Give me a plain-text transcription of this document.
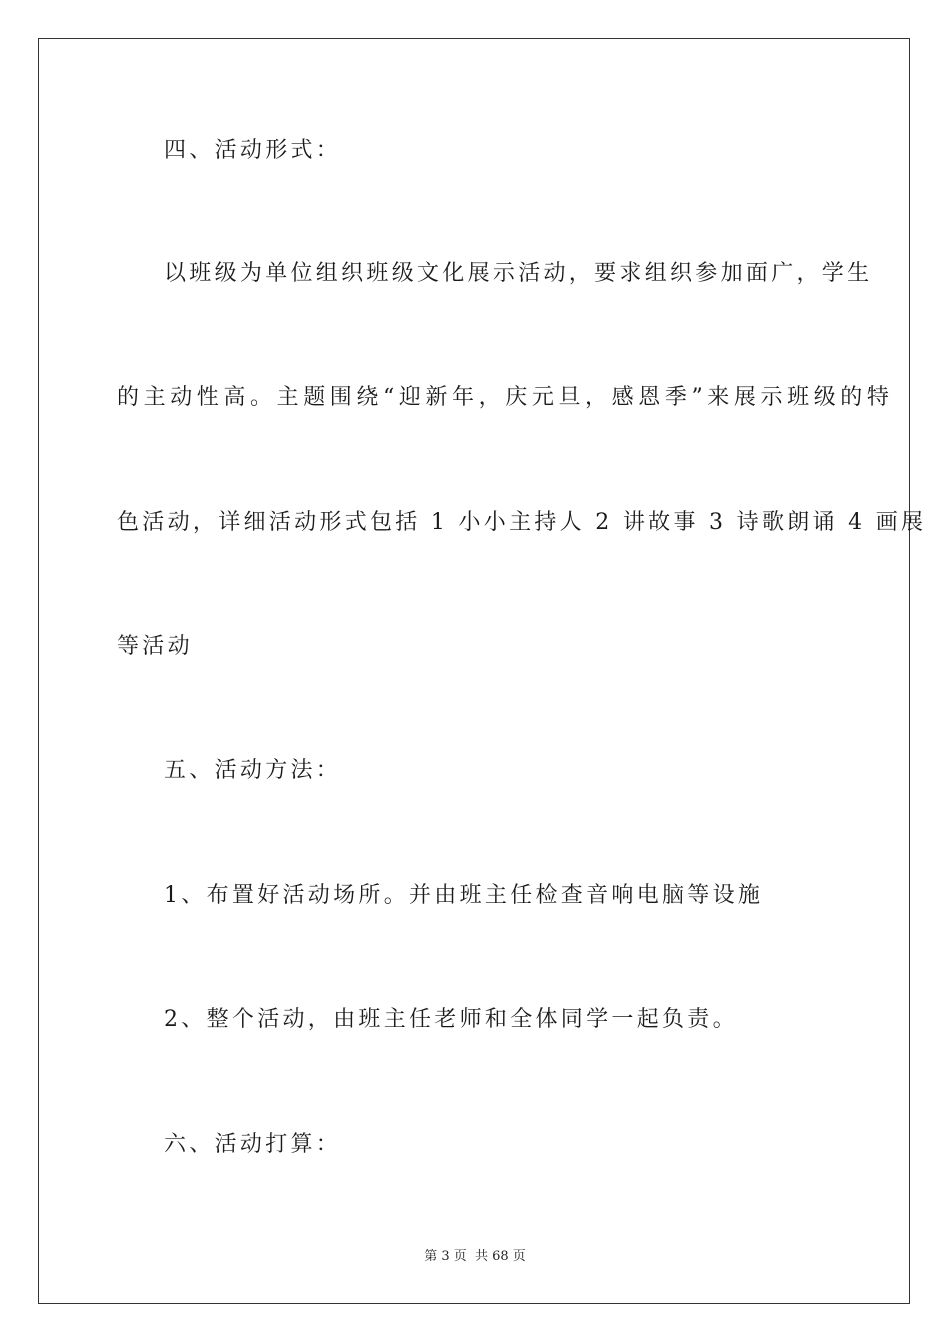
四、活动形式：
以班级为单位组织班级文化展示活动，要求组织参加面广，学生
的主动性高。主题围绕“迎新年，庆元旦，感恩季”来展示班级的特
色活动，详细活动形式包括 1 小小主持人 2 讲故事 3 诗歌朗诵 4 画展
等活动
五、活动方法：
1、布置好活动场所。并由班主任检查音响电脑等设施
2、整个活动，由班主任老师和全体同学一起负责。
六、活动打算：
第 3 页 共 68 页
